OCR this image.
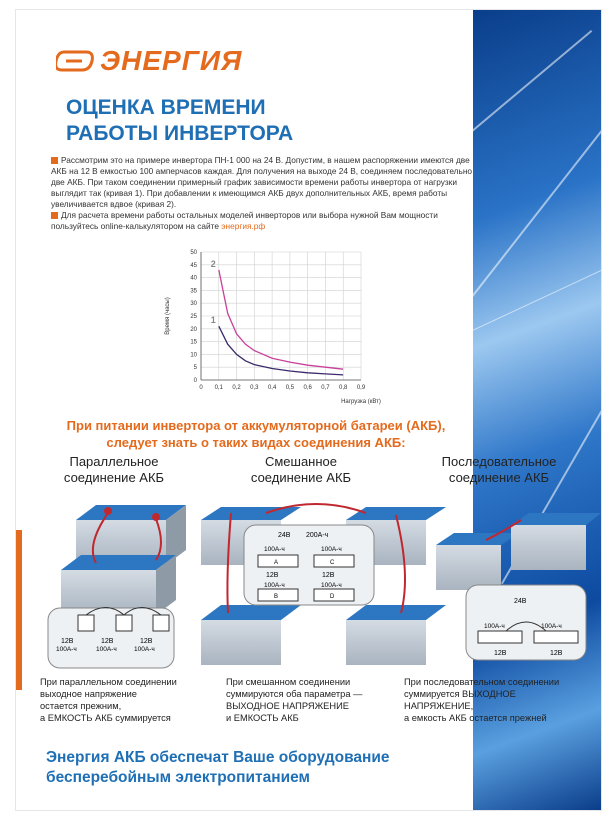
ЭНЕРГИЯ
ОЦЕНКА ВРЕМЕНИ
РАБОТЫ ИНВЕРТОРА
Рассмотрим это на примере инвертора ПН-1 000 на 24 В. Допустим, в нашем распоряжении имеются две АКБ на 12 В емкостью 100 амперчасов каждая. Для получения на выходе 24 В, соединяем последовательно две АКБ. При таком соединении примерный график зависимости времени работы инвертора от нагрузки выглядит так (кривая 1). При добавлении к имеющимся АКБ двух дополнительных АКБ, время работы увеличивается вдвое (кривая 2).
Для расчета времени работы остальных моделей инверторов или выбора нужной Вам мощности пользуйтесь online-калькулятором на сайте энергия.рф
0
5
10
15
20
25
30
35
40
45
50
0 0,1 0,2 0,3 0,4 0,5 0,6 0,7 0,8 0,9
1
2
Время (часы)
Нагрузка (кВт)
При питании инвертора от аккумуляторной батареи (АКБ),
следует знать о таких видах соединения АКБ:
Параллельное
соединение АКБ
Смешанное
соединение АКБ
Последовательное
соединение АКБ
12В
100А-ч
12В
100А-ч
12В
100А-ч
24В 200А-ч
100А-ч	100А-ч
А	С
12В	12В
100А-ч	100А-ч
В	D
24В
100А-ч	100А-ч
12В	12В
При параллельном соединении
выходное напряжение
остается прежним,
а ЕМКОСТЬ АКБ суммируется
При смешанном соединении
суммируются оба параметра —
ВЫХОДНОЕ НАПРЯЖЕНИЕ
и ЕМКОСТЬ АКБ
При последовательном соединении
суммируется ВЫХОДНОЕ
НАПРЯЖЕНИЕ,
а емкость АКБ остается прежней
Энергия АКБ обеспечат Ваше оборудование
бесперебойным электропитанием
